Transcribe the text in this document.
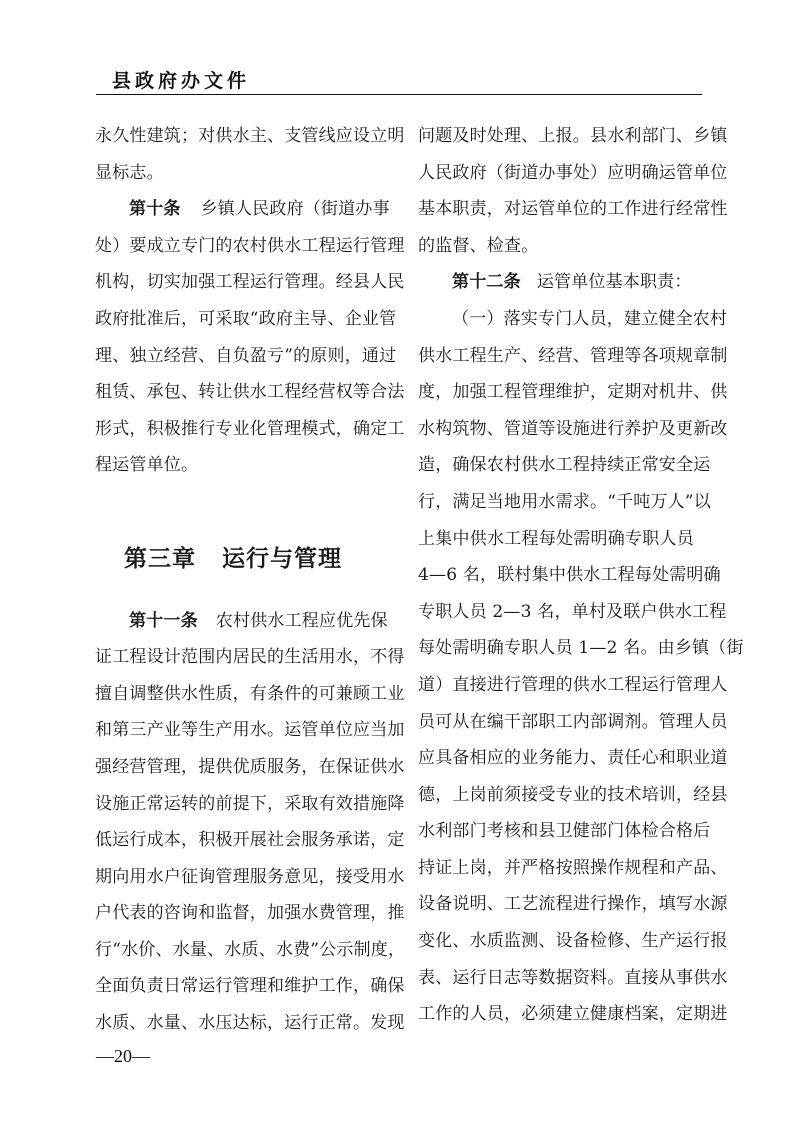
县政府办文件
永久性建筑；对供水主、支管线应设立明
显标志。
第十条 乡镇人民政府（街道办事
处）要成立专门的农村供水工程运行管理
机构，切实加强工程运行管理。经县人民
政府批准后，可采取“政府主导、企业管
理、独立经营、自负盈亏”的原则，通过
租赁、承包、转让供水工程经营权等合法
形式，积极推行专业化管理模式，确定工
程运管单位。
第三章 运行与管理
第十一条 农村供水工程应优先保
证工程设计范围内居民的生活用水，不得
擅自调整供水性质，有条件的可兼顾工业
和第三产业等生产用水。运管单位应当加
强经营管理，提供优质服务，在保证供水
设施正常运转的前提下，采取有效措施降
低运行成本，积极开展社会服务承诺，定
期向用水户征询管理服务意见，接受用水
户代表的咨询和监督，加强水费管理，推
行“水价、水量、水质、水费”公示制度，
全面负责日常运行管理和维护工作，确保
水质、水量、水压达标，运行正常。发现
问题及时处理、上报。县水利部门、乡镇
人民政府（街道办事处）应明确运管单位
基本职责，对运管单位的工作进行经常性
的监督、检查。
第十二条 运管单位基本职责：
（一）落实专门人员，建立健全农村
供水工程生产、经营、管理等各项规章制
度，加强工程管理维护，定期对机井、供
水构筑物、管道等设施进行养护及更新改
造，确保农村供水工程持续正常安全运
行，满足当地用水需求。“千吨万人”以
上集中供水工程每处需明确专职人员
4—6 名，联村集中供水工程每处需明确
专职人员 2—3 名，单村及联户供水工程
每处需明确专职人员 1—2 名。由乡镇（街
道）直接进行管理的供水工程运行管理人
员可从在编干部职工内部调剂。管理人员
应具备相应的业务能力、责任心和职业道
德，上岗前须接受专业的技术培训，经县
水利部门考核和县卫健部门体检合格后
持证上岗，并严格按照操作规程和产品、
设备说明、工艺流程进行操作，填写水源
变化、水质监测、设备检修、生产运行报
表、运行日志等数据资料。直接从事供水
工作的人员，必须建立健康档案，定期进
—20—
